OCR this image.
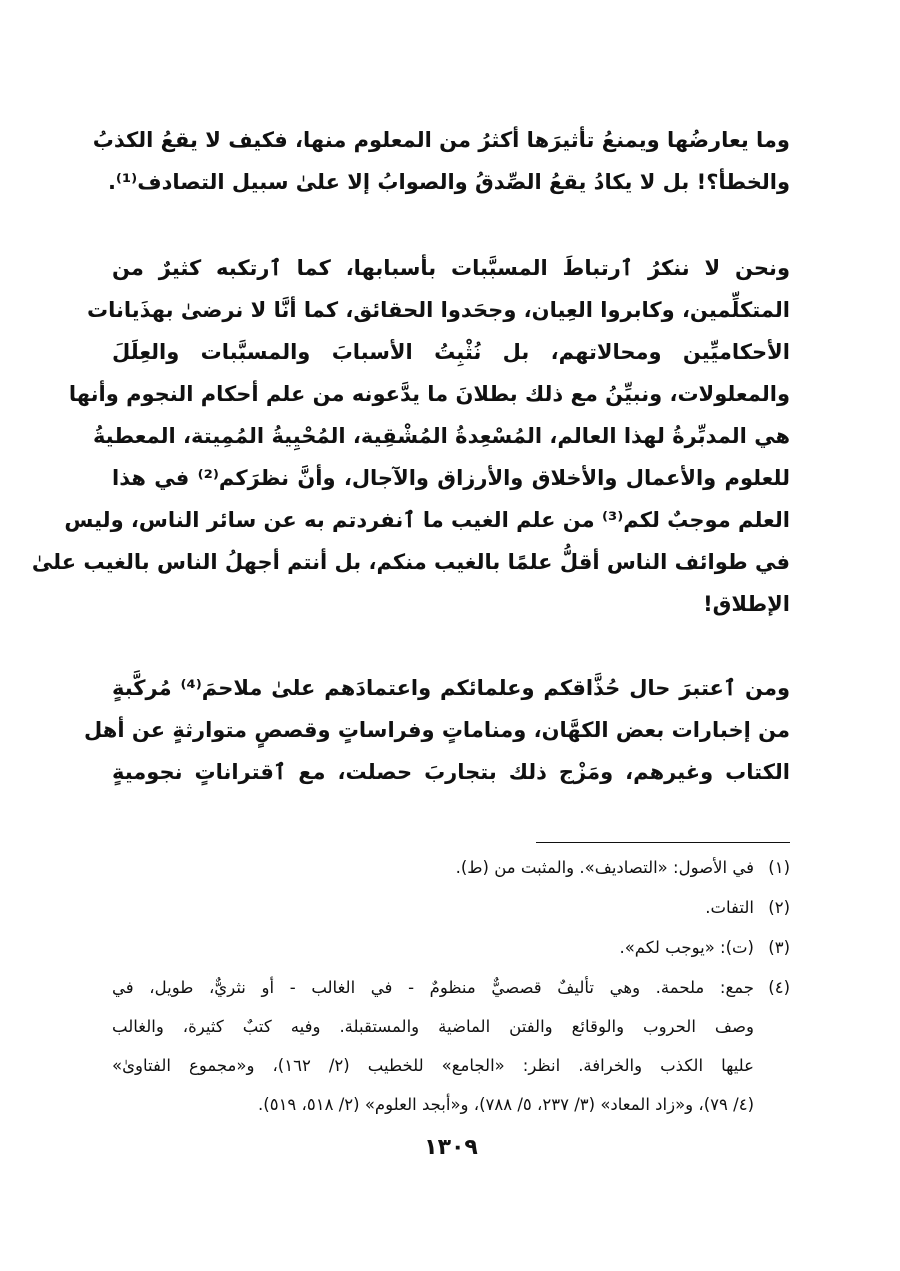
وما يعارضُها ويمنعُ تأثيرَها أكثرُ من المعلوم منها، فكيف لا يقعُ الكذبُ
والخطأ؟! بل لا يكادُ يقعُ الصِّدقُ والصوابُ إلا علىٰ سبيل التصادف⁽¹⁾.
ونحن لا ننكرُ ٱرتباطَ المسبَّبات بأسبابها، كما ٱرتكبه كثيرٌ من
المتكلِّمين، وكابروا العِيان، وجحَدوا الحقائق، كما أنَّا لا نرضىٰ بهذَيانات
الأحكاميِّين ومحالاتهم، بل نُثْبِتُ الأسبابَ والمسبَّبات والعِلَلَ
والمعلولات، ونبيِّنُ مع ذلك بطلانَ ما يدَّعونه من علم أحكام النجوم وأنها
هي المدبِّرةُ لهذا العالم، المُسْعِدةُ المُشْقِية، المُحْيِيةُ المُمِيتة، المعطيةُ
للعلوم والأعمال والأخلاق والأرزاق والآجال، وأنَّ نظرَكم⁽²⁾ في هذا
العلم موجبٌ لكم⁽³⁾ من علم الغيب ما ٱنفردتم به عن سائر الناس، وليس
في طوائف الناس أقلُّ علمًا بالغيب منكم، بل أنتم أجهلُ الناس بالغيب علىٰ
الإطلاق!
ومن ٱعتبرَ حال حُذَّاقكم وعلمائكم واعتمادَهم علىٰ ملاحمَ⁽⁴⁾ مُركَّبةٍ
من إخبارات بعض الكهَّان، ومناماتٍ وفراساتٍ وقصصٍ متوارثةٍ عن أهل
الكتاب وغيرهم، ومَزْج ذلك بتجاربَ حصلت، مع ٱقتراناتٍ نجوميةٍ
(١)في الأصول: «التصاديف». والمثبت من (ط).
(٢)التفات.
(٣)(ت): «يوجب لكم».
(٤)جمع: ملحمة. وهي تأليفٌ قصصيٌّ منظومٌ - في الغالب - أو نثريٌّ، طويل، في
وصف الحروب والوقائع والفتن الماضية والمستقبلة. وفيه كتبٌ كثيرة، والغالب
عليها الكذب والخرافة. انظر: «الجامع» للخطيب (٢/ ١٦٢)، و«مجموع الفتاوىٰ»
(٤/ ٧٩)، و«زاد المعاد» (٣/ ٢٣٧، ٥/ ٧٨٨)، و«أبجد العلوم» (٢/ ٥١٨، ٥١٩).
١٣٠٩
